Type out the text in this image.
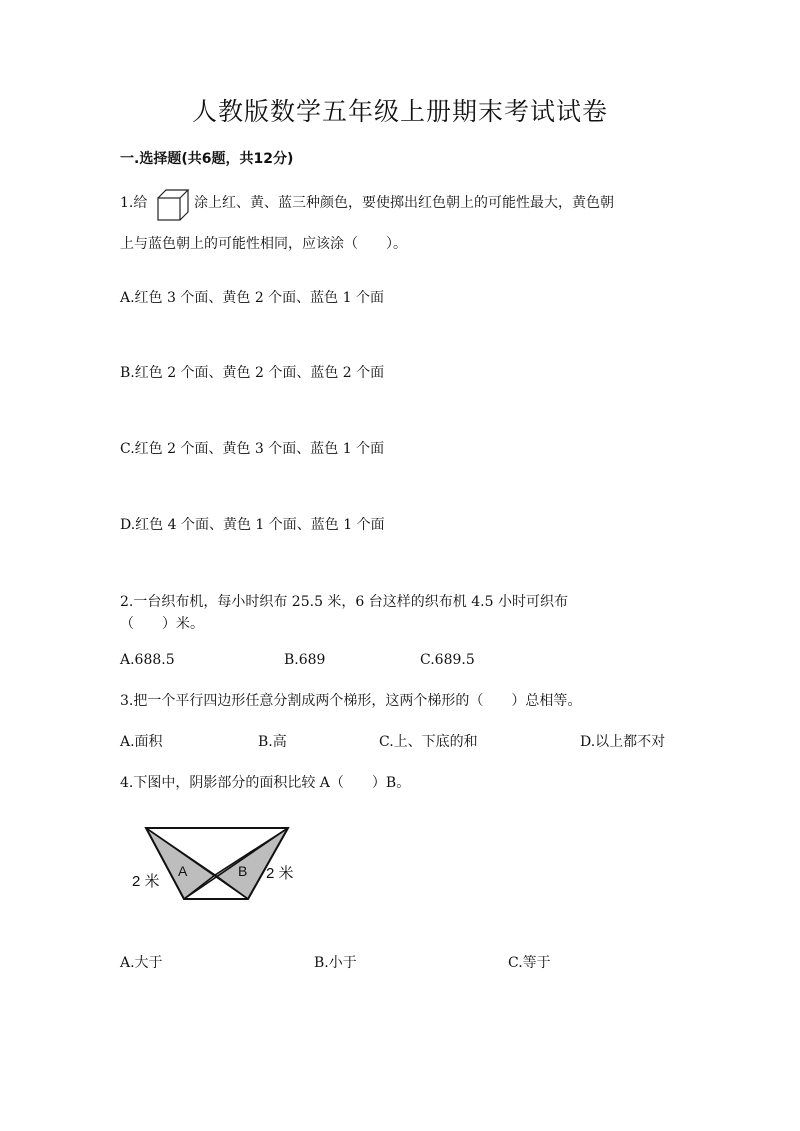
人教版数学五年级上册期末考试试卷
一.选择题(共6题，共12分)
1.给	涂上红、黄、蓝三种颜色，要使掷出红色朝上的可能性最大，黄色朝
上与蓝色朝上的可能性相同，应该涂（　　）。
A.红色 3 个面、黄色 2 个面、蓝色 1 个面
B.红色 2 个面、黄色 2 个面、蓝色 2 个面
C.红色 2 个面、黄色 3 个面、蓝色 1 个面
D.红色 4 个面、黄色 1 个面、蓝色 1 个面
2.一台织布机，每小时织布 25.5 米，6 台这样的织布机 4.5 小时可织布
（　　）米。
A.688.5	B.689	C.689.5
3.把一个平行四边形任意分割成两个梯形，这两个梯形的（　　）总相等。
A.面积	B.高	C.上、下底的和	D.以上都不对
4.下图中，阴影部分的面积比较 A（　　）B。
A	B
2 米	2 米
A.大于	B.小于	C.等于
